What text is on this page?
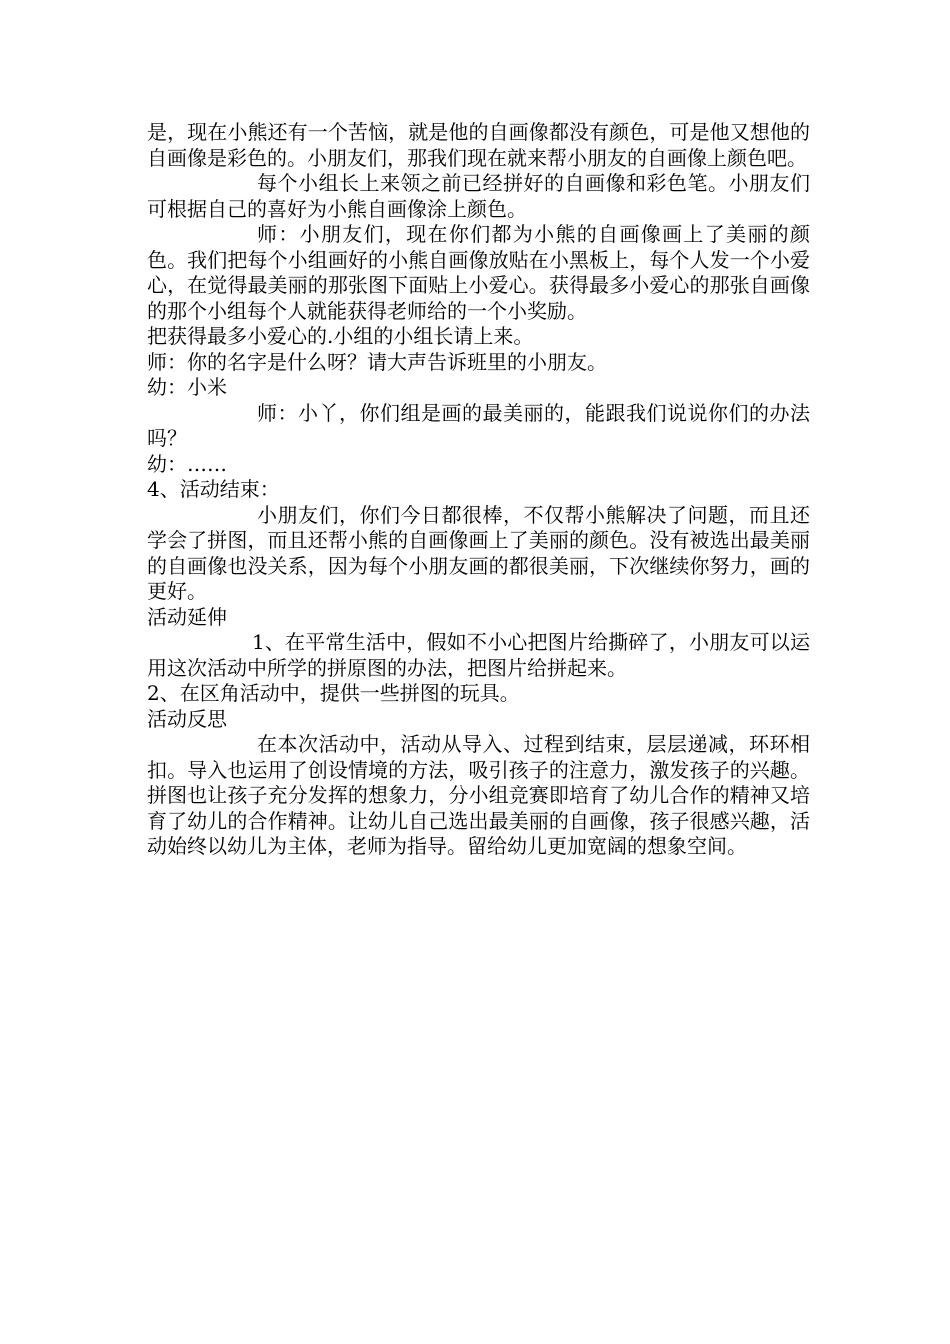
是，现在小熊还有一个苦恼，就是他的自画像都没有颜色，可是他又想他的自画像是彩色的。小朋友们，那我们现在就来帮小朋友的自画像上颜色吧。

每个小组长上来领之前已经拼好的自画像和彩色笔。小朋友们可根据自己的喜好为小熊自画像涂上颜色。

师：小朋友们，现在你们都为小熊的自画像画上了美丽的颜色。我们把每个小组画好的小熊自画像放贴在小黑板上，每个人发一个小爱心，在觉得最美丽的那张图下面贴上小爱心。获得最多小爱心的那张自画像的那个小组每个人就能获得老师给的一个小奖励。

把获得最多小爱心的.小组的小组长请上来。

师：你的名字是什么呀？请大声告诉班里的小朋友。

幼：小米

师：小丫，你们组是画的最美丽的，能跟我们说说你们的办法吗？

幼：……

4、活动结束：

小朋友们，你们今日都很棒，不仅帮小熊解决了问题，而且还学会了拼图，而且还帮小熊的自画像画上了美丽的颜色。没有被选出最美丽的自画像也没关系，因为每个小朋友画的都很美丽，下次继续你努力，画的更好。

活动延伸

1、在平常生活中，假如不小心把图片给撕碎了，小朋友可以运用这次活动中所学的拼原图的办法，把图片给拼起来。

2、在区角活动中，提供一些拼图的玩具。

活动反思

在本次活动中，活动从导入、过程到结束，层层递减，环环相扣。导入也运用了创设情境的方法，吸引孩子的注意力，激发孩子的兴趣。拼图也让孩子充分发挥的想象力，分小组竞赛即培育了幼儿合作的精神又培育了幼儿的合作精神。让幼儿自己选出最美丽的自画像，孩子很感兴趣，活动始终以幼儿为主体，老师为指导。留给幼儿更加宽阔的想象空间。
